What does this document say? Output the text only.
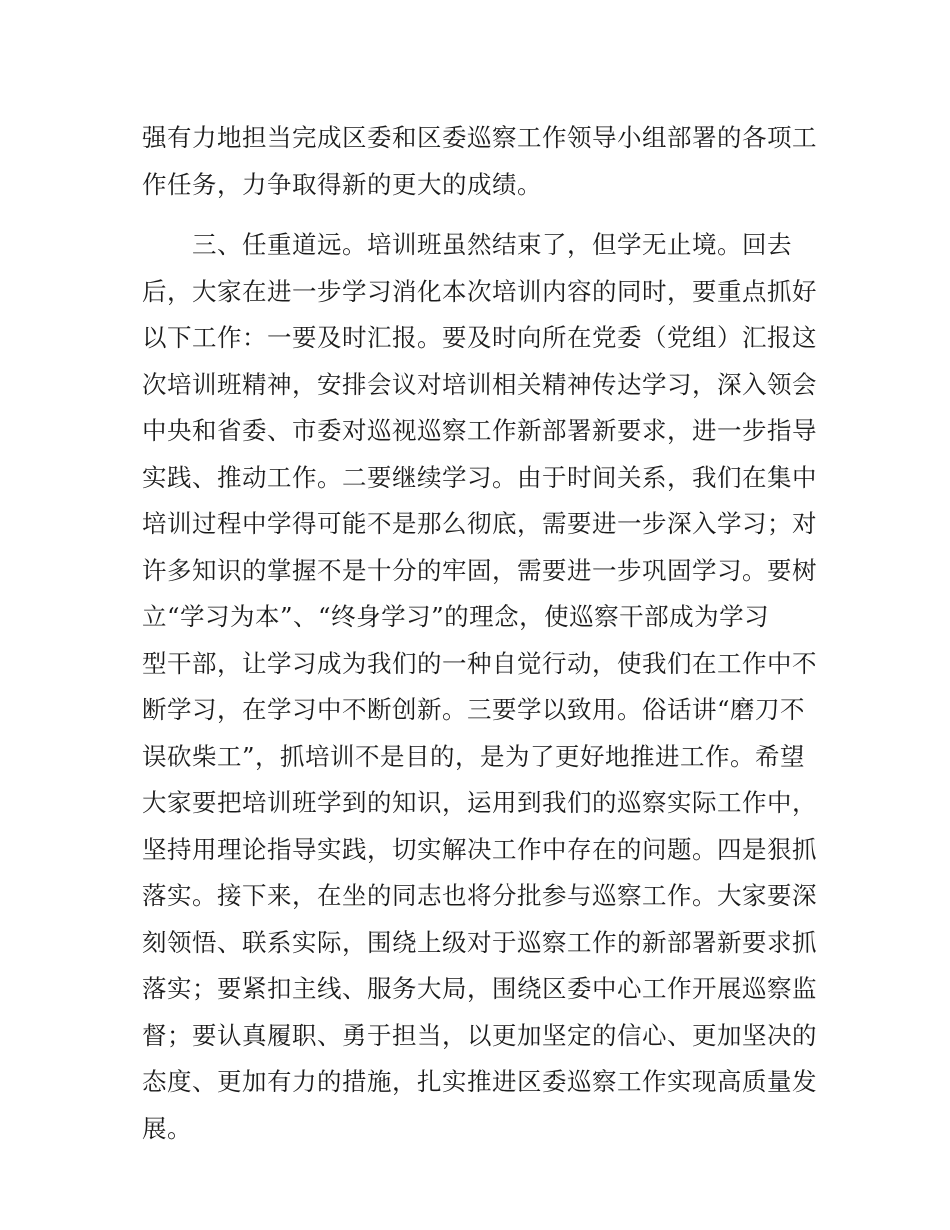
强有力地担当完成区委和区委巡察工作领导小组部署的各项工
作任务，力争取得新的更大的成绩。
　　三、任重道远。培训班虽然结束了，但学无止境。回去
后，大家在进一步学习消化本次培训内容的同时，要重点抓好
以下工作：一要及时汇报。要及时向所在党委（党组）汇报这
次培训班精神，安排会议对培训相关精神传达学习，深入领会
中央和省委、市委对巡视巡察工作新部署新要求，进一步指导
实践、推动工作。二要继续学习。由于时间关系，我们在集中
培训过程中学得可能不是那么彻底，需要进一步深入学习；对
许多知识的掌握不是十分的牢固，需要进一步巩固学习。要树
立“学习为本”、“终身学习”的理念，使巡察干部成为学习
型干部，让学习成为我们的一种自觉行动，使我们在工作中不
断学习，在学习中不断创新。三要学以致用。俗话讲“磨刀不
误砍柴工”，抓培训不是目的，是为了更好地推进工作。希望
大家要把培训班学到的知识，运用到我们的巡察实际工作中，
坚持用理论指导实践，切实解决工作中存在的问题。四是狠抓
落实。接下来，在坐的同志也将分批参与巡察工作。大家要深
刻领悟、联系实际，围绕上级对于巡察工作的新部署新要求抓
落实；要紧扣主线、服务大局，围绕区委中心工作开展巡察监
督；要认真履职、勇于担当，以更加坚定的信心、更加坚决的
态度、更加有力的措施，扎实推进区委巡察工作实现高质量发
展。
